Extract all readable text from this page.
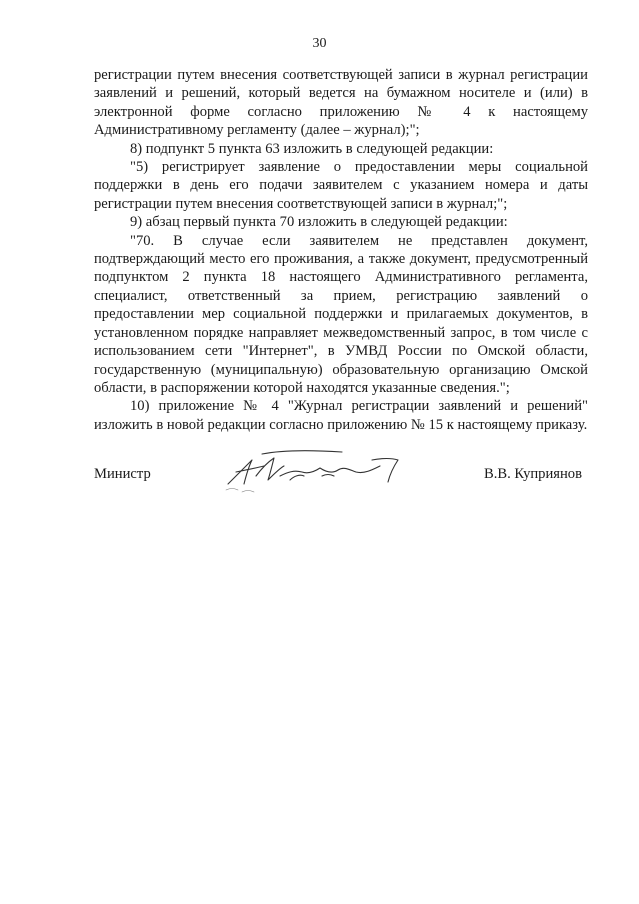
30

регистрации путем внесения соответствующей записи в журнал регистрации заявлений и решений, который ведется на бумажном носителе и (или) в электронной форме согласно приложению № 4 к настоящему Административному регламенту (далее – журнал);";

8) подпункт 5 пункта 63 изложить в следующей редакции:

"5) регистрирует заявление о предоставлении меры социальной поддержки в день его подачи заявителем с указанием номера и даты регистрации путем внесения соответствующей записи в журнал;";

9) абзац первый пункта 70 изложить в следующей редакции:

"70. В случае если заявителем не представлен документ, подтверждающий место его проживания, а также документ, предусмотренный подпунктом 2 пункта 18 настоящего Административного регламента, специалист, ответственный за прием, регистрацию заявлений о предоставлении мер социальной поддержки и прилагаемых документов, в установленном порядке направляет межведомственный запрос, в том числе с использованием сети "Интернет", в УМВД России по Омской области, государственную (муниципальную) образовательную организацию Омской области, в распоряжении которой находятся указанные сведения.";

10) приложение № 4 "Журнал регистрации заявлений и решений" изложить в новой редакции согласно приложению № 15 к настоящему приказу.

Министр	В.В. Куприянов
